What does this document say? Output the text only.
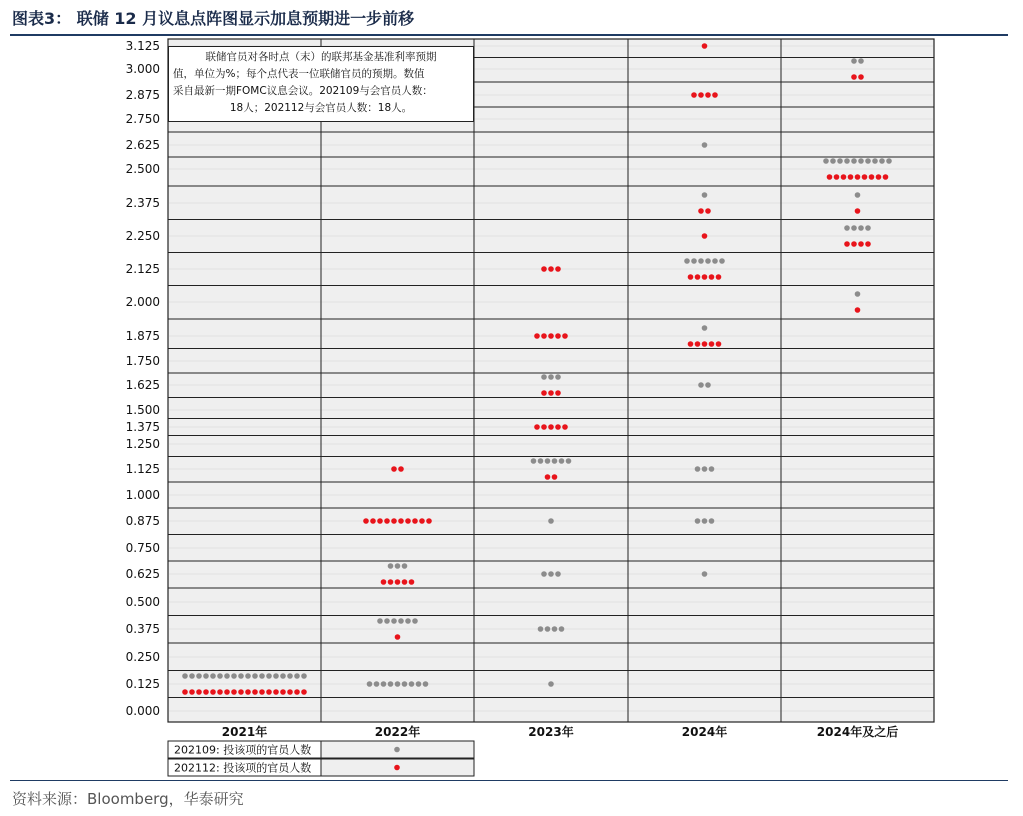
图表3： 联储 12 月议息点阵图显示加息预期进一步前移
3.125
3.000
2.875
2.750
2.625
2.500
2.375
2.250
2.125
2.000
1.875
1.750
1.625
1.500
1.375
1.250
1.125
1.000
0.875
0.750
0.625
0.500
0.375
0.250
0.125
0.000
2021年	2022年	2023年	2024年	2024年及之后
202109: 投该项的官员人数
202112: 投该项的官员人数
联储官员对各时点（末）的联邦基金基准利率预期
值，单位为%；每个点代表一位联储官员的预期。数值
采自最新一期FOMC议息会议。202109与会官员人数：
18人；202112与会官员人数：18人。
资料来源：Bloomberg，华泰研究
